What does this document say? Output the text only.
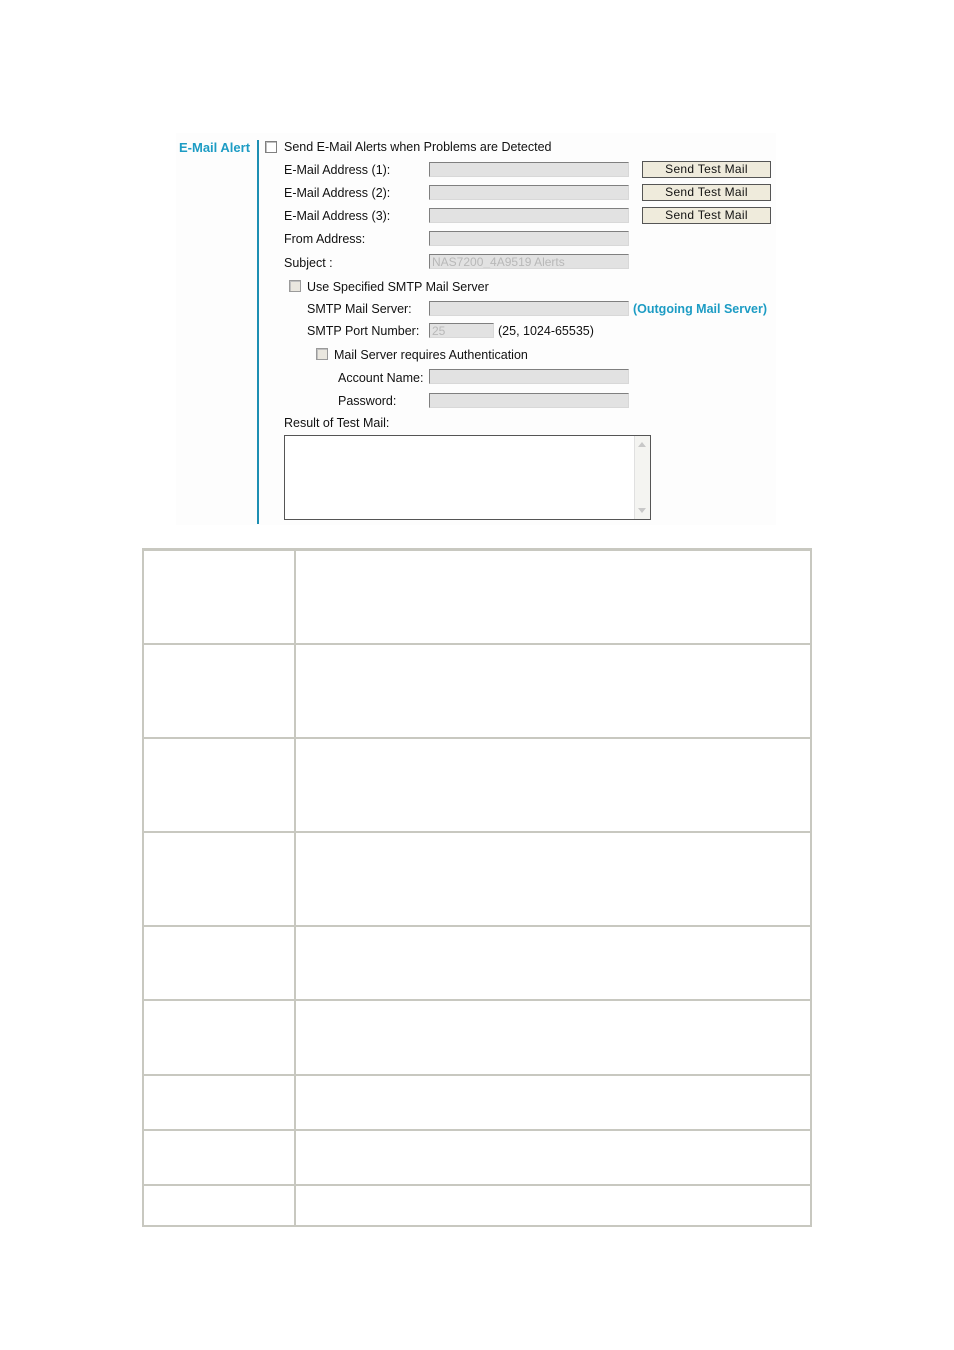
E-Mail Alert	Send E-Mail Alerts when Problems are Detected
E-Mail Address (1):	Send Test Mail
E-Mail Address (2):	Send Test Mail
E-Mail Address (3):	Send Test Mail
From Address:
Subject :	NAS7200_4A9519 Alerts
Use Specified SMTP Mail Server
SMTP Mail Server:	(Outgoing Mail Server)
SMTP Port Number: 25	(25, 1024-65535)
Mail Server requires Authentication
Account Name:
Password:
Result of Test Mail:
